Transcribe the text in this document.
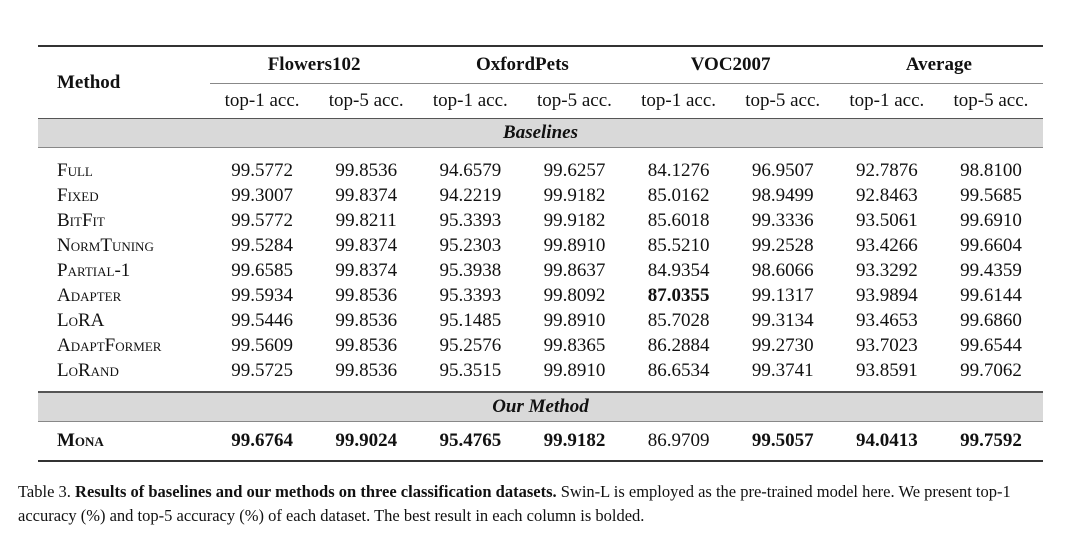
Method	Flowers102		OxfordPets		VOC2007		Average	
	top-1 acc.	top-5 acc.	top-1 acc.	top-5 acc.	top-1 acc.	top-5 acc.	top-1 acc.	top-5 acc.
Baselines								
Full	99.5772	99.8536	94.6579	99.6257	84.1276	96.9507	92.7876	98.8100
Fixed	99.3007	99.8374	94.2219	99.9182	85.0162	98.9499	92.8463	99.5685
BitFit	99.5772	99.8211	95.3393	99.9182	85.6018	99.3336	93.5061	99.6910
NormTuning	99.5284	99.8374	95.2303	99.8910	85.5210	99.2528	93.4266	99.6604
Partial-1	99.6585	99.8374	95.3938	99.8637	84.9354	98.6066	93.3292	99.4359
Adapter	99.5934	99.8536	95.3393	99.8092	87.0355	99.1317	93.9894	99.6144
LoRA	99.5446	99.8536	95.1485	99.8910	85.7028	99.3134	93.4653	99.6860
AdaptFormer	99.5609	99.8536	95.2576	99.8365	86.2884	99.2730	93.7023	99.6544
LoRand	99.5725	99.8536	95.3515	99.8910	86.6534	99.3741	93.8591	99.7062
Our Method								
Mona	99.6764	99.9024	95.4765	99.9182	86.9709	99.5057	94.0413	99.7592
Table 3. Results of baselines and our methods on three classification datasets. Swin-L is employed as the pre-trained model here. We present top-1 accuracy (%) and top-5 accuracy (%) of each dataset. The best result in each column is bolded.
